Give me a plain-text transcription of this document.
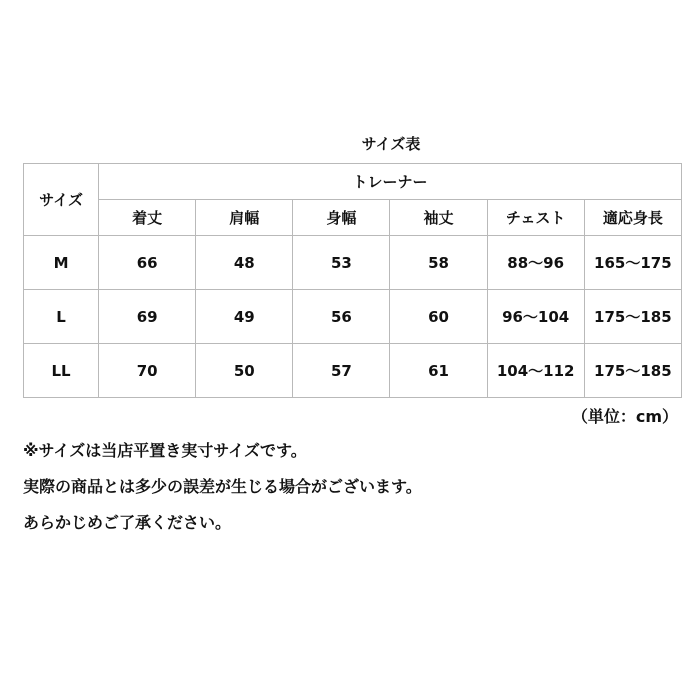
サイズ表
サイズ	トレーナー					
	着丈	肩幅	身幅	袖丈	チェスト	適応身長
M	66	48	53	58	88～96	165～175
L	69	49	56	60	96～104	175～185
LL	70	50	57	61	104～112	175～185
（単位：cm）
※サイズは当店平置き実寸サイズです。
実際の商品とは多少の誤差が生じる場合がございます。
あらかじめご了承ください。
